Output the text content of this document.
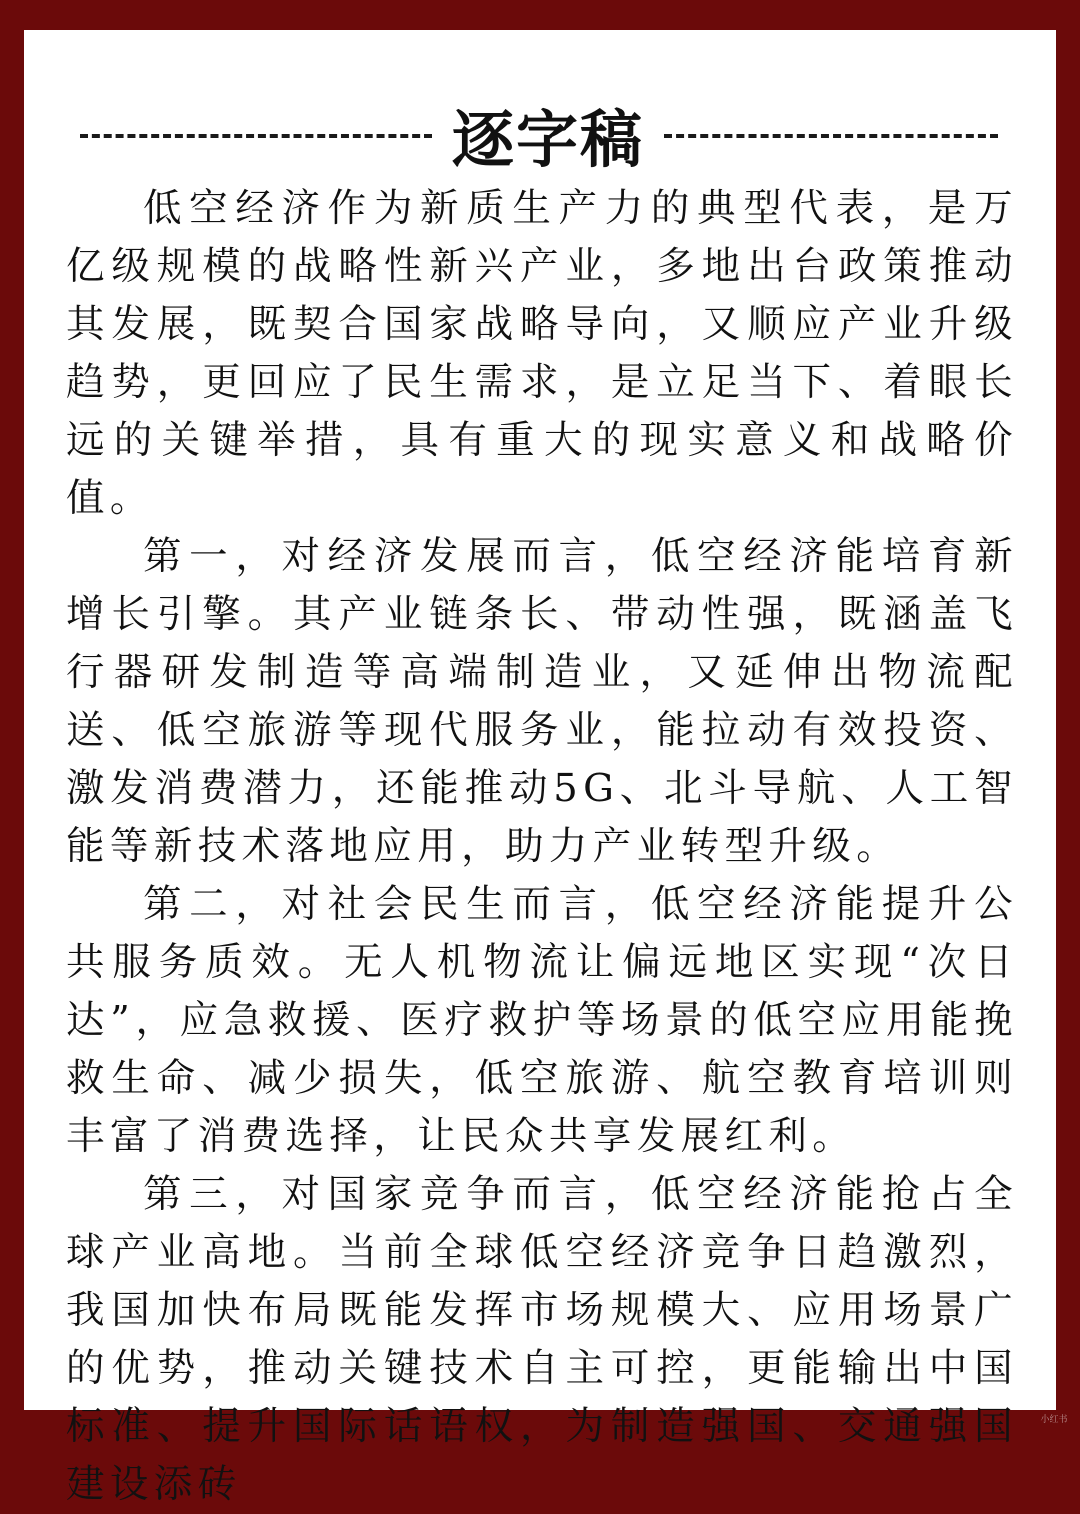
逐字稿

低空经济作为新质生产力的典型代表，是万亿级规模的战略性新兴产业，多地出台政策推动其发展，既契合国家战略导向，又顺应产业升级趋势，更回应了民生需求，是立足当下、着眼长远的关键举措，具有重大的现实意义和战略价值。

第一，对经济发展而言，低空经济能培育新增长引擎。其产业链条长、带动性强，既涵盖飞行器研发制造等高端制造业，又延伸出物流配送、低空旅游等现代服务业，能拉动有效投资、激发消费潜力，还能推动5G、北斗导航、人工智能等新技术落地应用，助力产业转型升级。

第二，对社会民生而言，低空经济能提升公共服务质效。无人机物流让偏远地区实现“次日达”，应急救援、医疗救护等场景的低空应用能挽救生命、减少损失，低空旅游、航空教育培训则丰富了消费选择，让民众共享发展红利。

第三，对国家竞争而言，低空经济能抢占全球产业高地。当前全球低空经济竞争日趋激烈，我国加快布局既能发挥市场规模大、应用场景广的优势，推动关键技术自主可控，更能输出中国标准、提升国际话语权，为制造强国、交通强国建设添砖

小红书
